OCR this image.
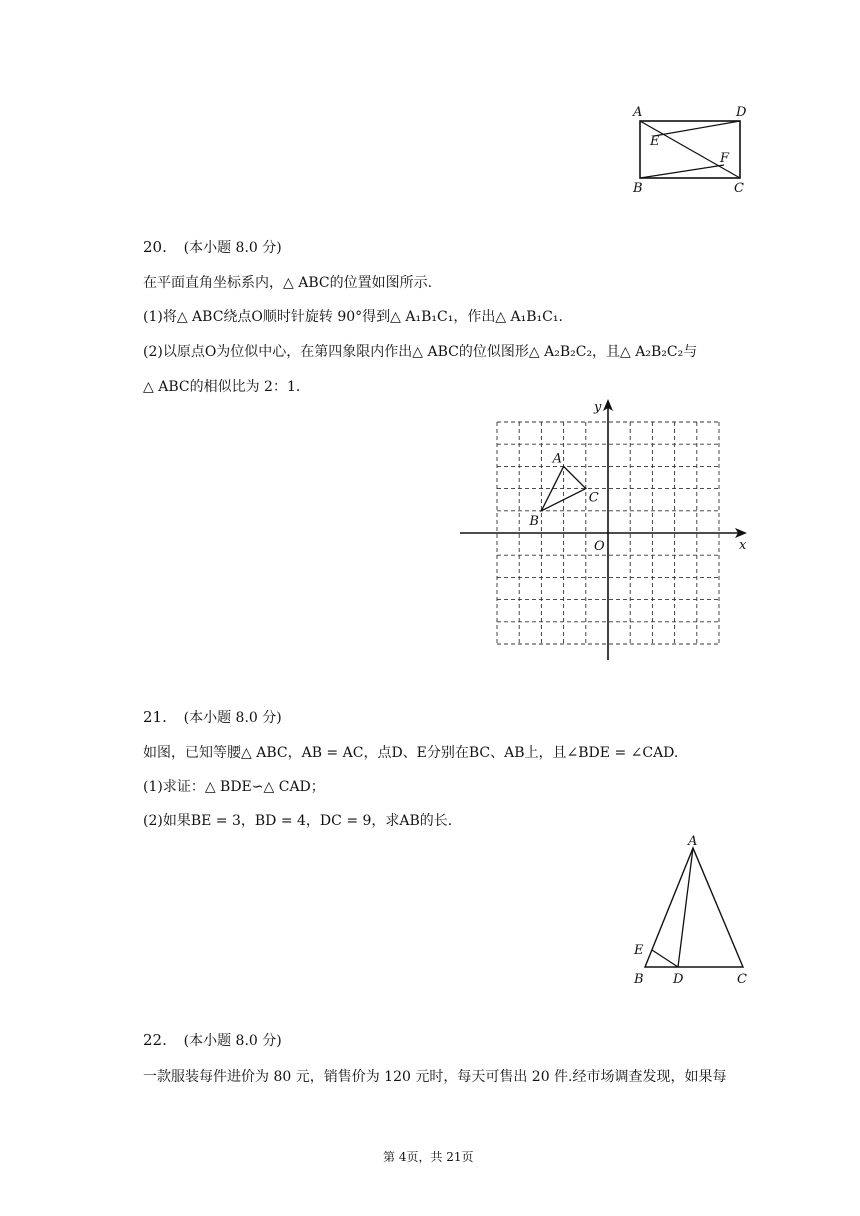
A	D
E
F
B	C
20. (本小题 8.0 分)
在平面直角坐标系内，△ ABC的位置如图所示.
(1)将△ ABC绕点O顺时针旋转 90°得到△ A₁B₁C₁，作出△ A₁B₁C₁.
(2)以原点O为位似中心，在第四象限内作出△ ABC的位似图形△ A₂B₂C₂，且△ A₂B₂C₂与
△ ABC的相似比为 2：1.
A
B
C
x
y
O
21. (本小题 8.0 分)
如图，已知等腰△ ABC，AB = AC，点D、E分别在BC、AB上，且∠BDE = ∠CAD.
(1)求证：△ BDE∽△ CAD；
(2)如果BE = 3，BD = 4，DC = 9，求AB的长.
A
E
B D	C
22. (本小题 8.0 分)
一款服装每件进价为 80 元，销售价为 120 元时，每天可售出 20 件.经市场调查发现，如果每
第 4页，共 21页
